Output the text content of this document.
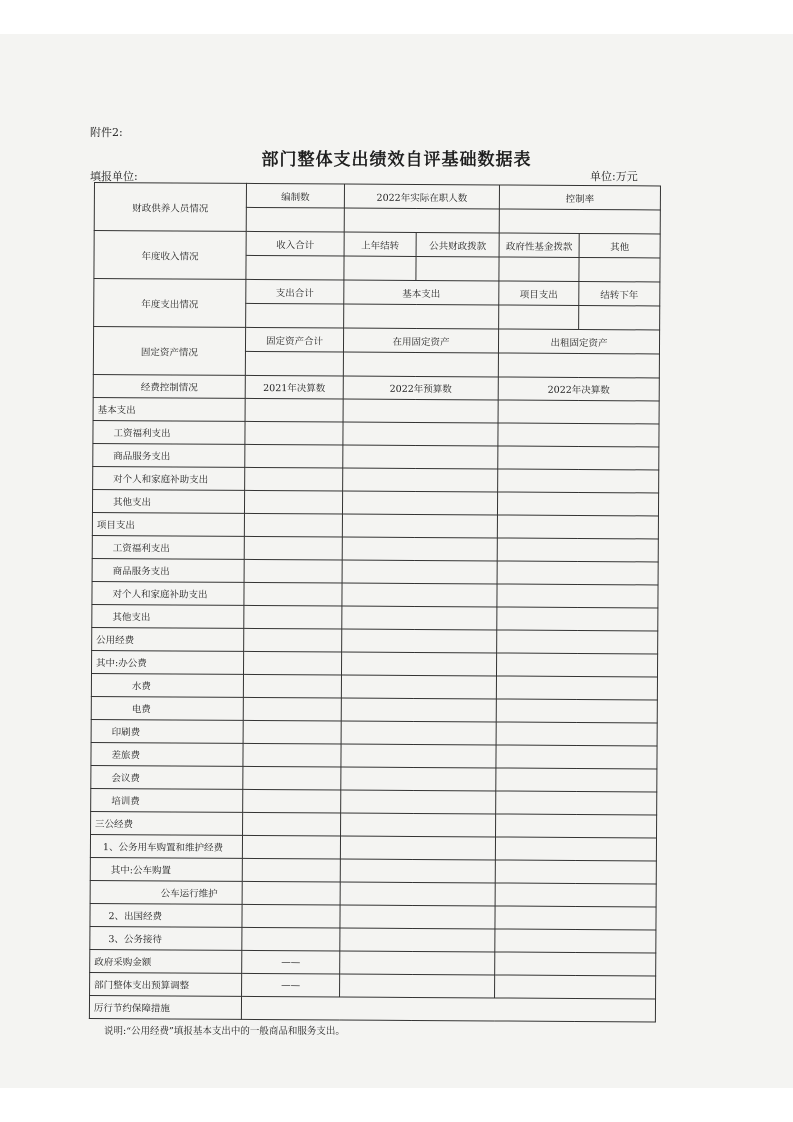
附件2:
部门整体支出绩效自评基础数据表
填报单位:	单位:万元
财政供养人员情况	编制数	2022年实际在职人数		控制率	

年度收入情况	收入合计	上年结转	公共财政拨款	政府性基金拨款	其他

年度支出情况	支出合计	基本支出		项目支出	结转下年

固定资产情况	固定资产合计	在用固定资产		出租固定资产	

经费控制情况	2021年决算数	2022年预算数		2022年决算数	
基本支出					
工资福利支出					
商品服务支出					
对个人和家庭补助支出					
其他支出					
项目支出					
工资福利支出					
商品服务支出					
对个人和家庭补助支出					
其他支出					
公用经费					
其中:办公费					
水费					
电费					
印刷费					
差旅费					
会议费					
培训费					
三公经费					
1、公务用车购置和维护经费					
其中:公车购置					
公车运行维护					
2、出国经费					
3、公务接待					
政府采购金额	——				
部门整体支出预算调整	——				
厉行节约保障措施					
说明:“公用经费”填报基本支出中的一般商品和服务支出。
